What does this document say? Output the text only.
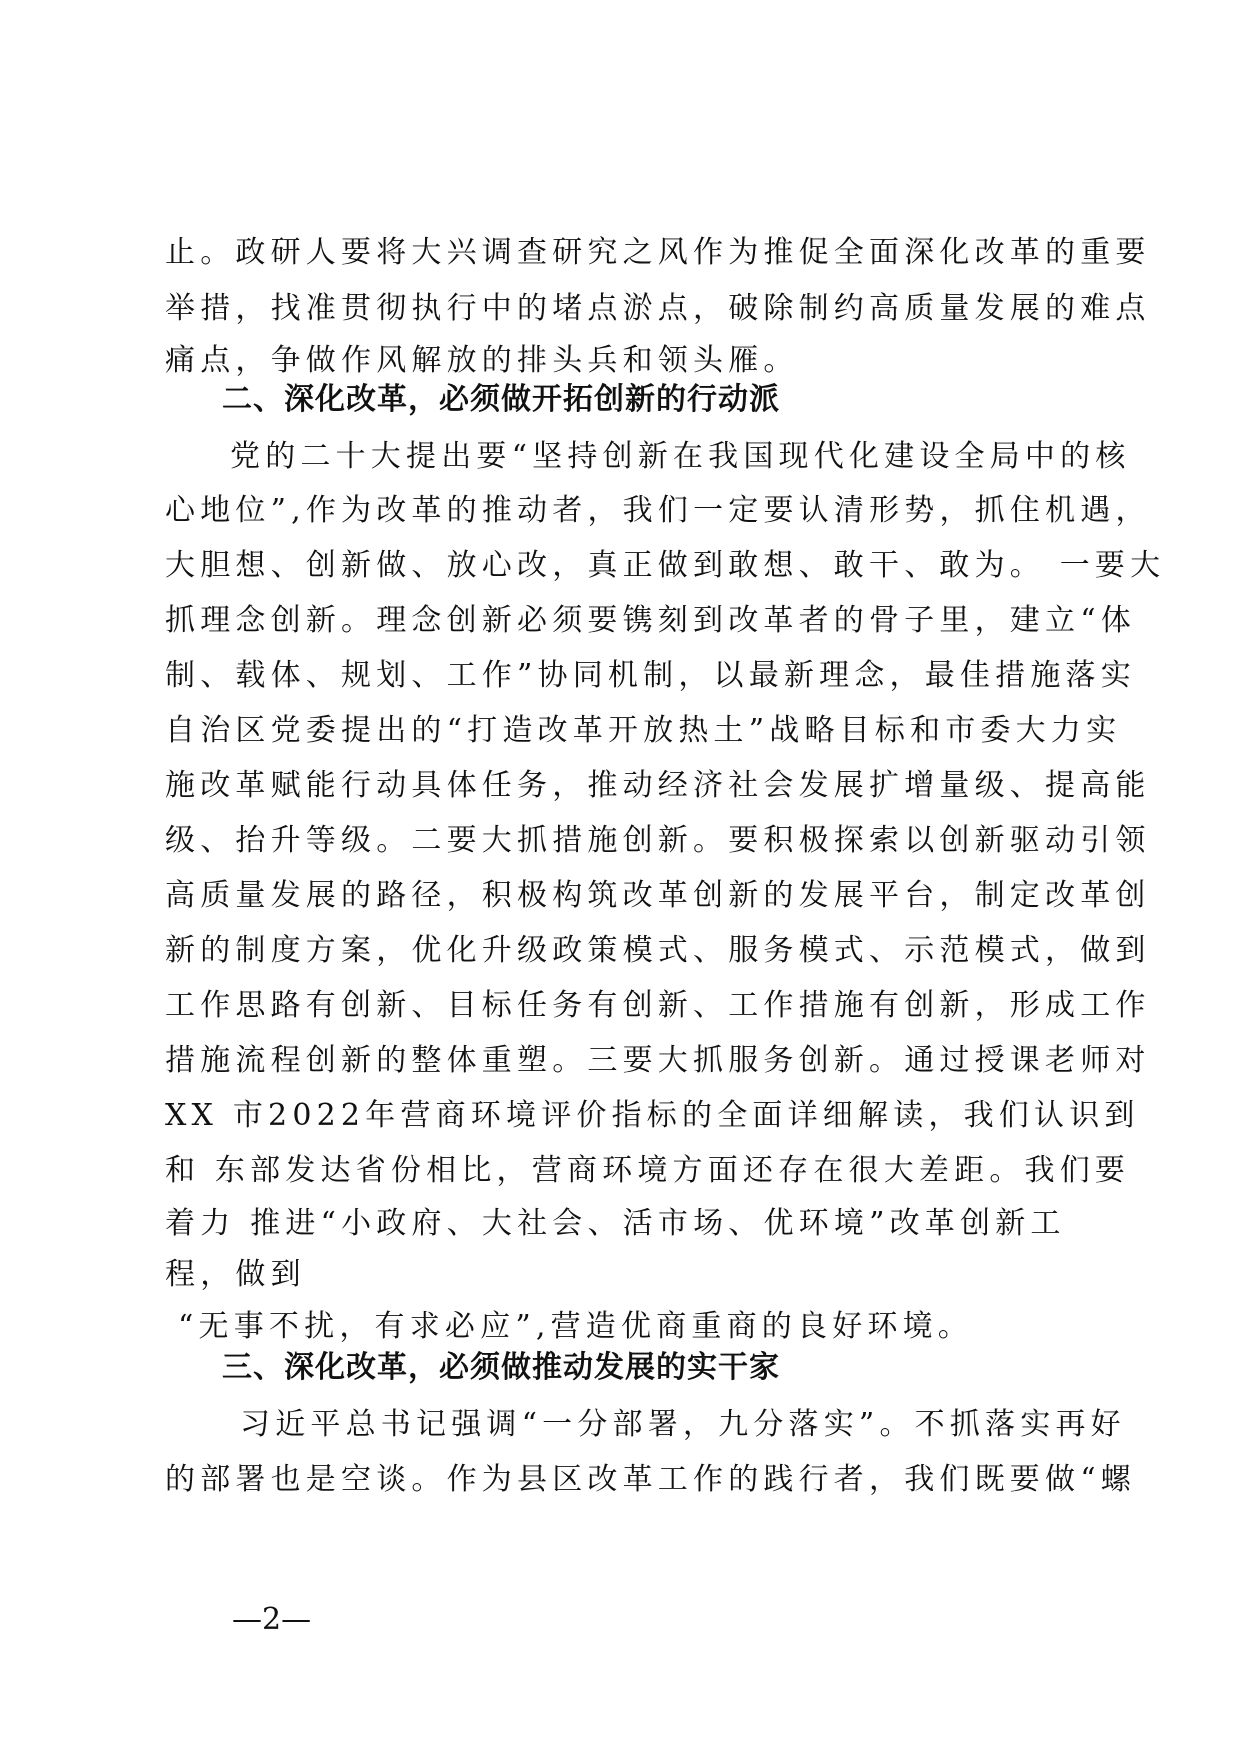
止。政研人要将大兴调查研究之风作为推促全面深化改革的重要
举措，找准贯彻执行中的堵点淤点，破除制约高质量发展的难点
痛点，争做作风解放的排头兵和领头雁。
二、深化改革，必须做开拓创新的行动派
党的二十大提出要“坚持创新在我国现代化建设全局中的核
心地位”,作为改革的推动者，我们一定要认清形势，抓住机遇，
大胆想、创新做、放心改，真正做到敢想、敢干、敢为。 一要大
抓理念创新。理念创新必须要镌刻到改革者的骨子里，建立“体
制、载体、规划、工作”协同机制，以最新理念，最佳措施落实
自治区党委提出的“打造改革开放热土”战略目标和市委大力实
施改革赋能行动具体任务，推动经济社会发展扩增量级、提高能
级、抬升等级。二要大抓措施创新。要积极探索以创新驱动引领
高质量发展的路径，积极构筑改革创新的发展平台，制定改革创
新的制度方案，优化升级政策模式、服务模式、示范模式，做到
工作思路有创新、目标任务有创新、工作措施有创新，形成工作
措施流程创新的整体重塑。三要大抓服务创新。通过授课老师对
XX 市2022年营商环境评价指标的全面详细解读，我们认识到
和 东部发达省份相比，营商环境方面还存在很大差距。我们要
着力 推进“小政府、大社会、活市场、优环境”改革创新工
程，做到
“无事不扰，有求必应”,营造优商重商的良好环境。
三、深化改革，必须做推动发展的实干家
习近平总书记强调“一分部署，九分落实”。不抓落实再好
的部署也是空谈。作为县区改革工作的践行者，我们既要做“螺
—2—
